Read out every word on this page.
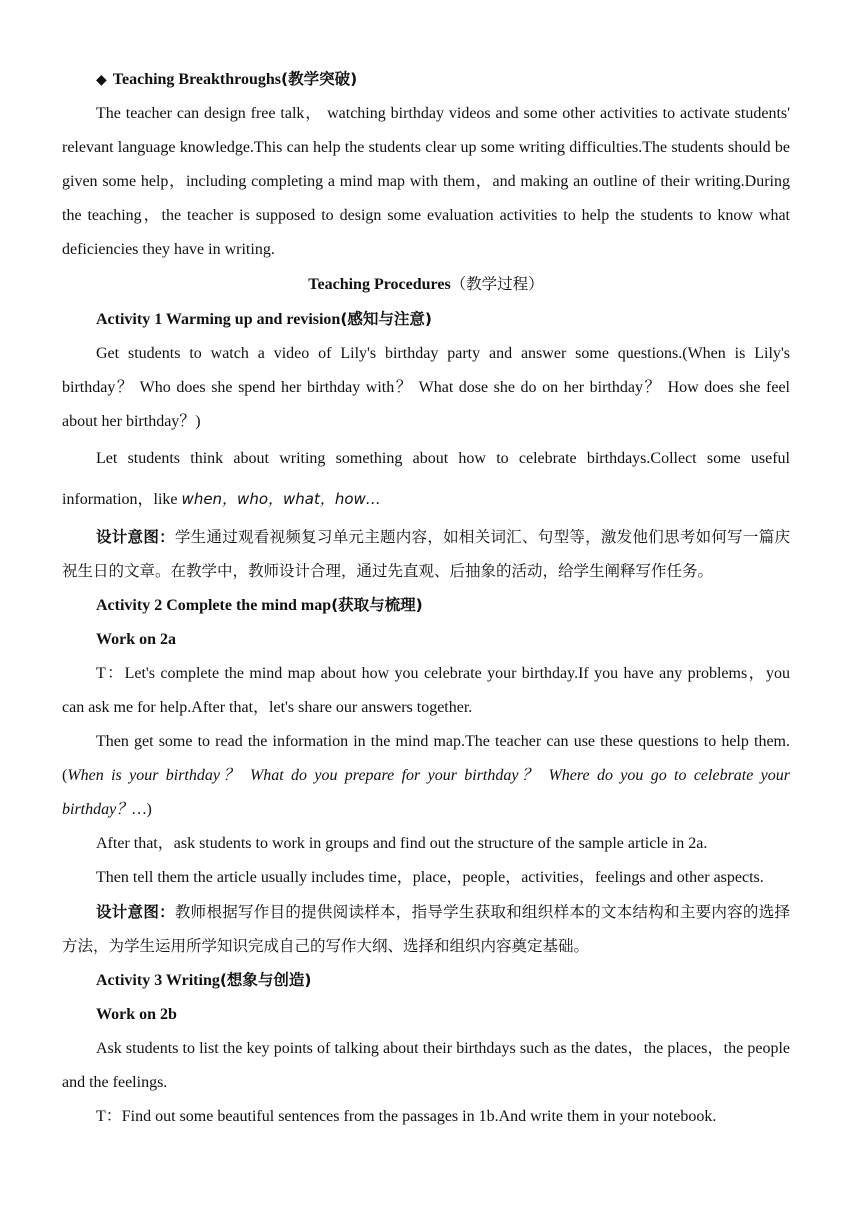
◆ Teaching Breakthroughs(教学突破)

The teacher can design free talk， watching birthday videos and some other activities to activate students' relevant language knowledge.This can help the students clear up some writing difficulties.The students should be given some help，including completing a mind map with them，and making an outline of their writing.During the teaching，the teacher is supposed to design some evaluation activities to help the students to know what deficiencies they have in writing.

Teaching Procedures（教学过程）

Activity 1 Warming up and revision(感知与注意)

Get students to watch a video of Lily's birthday party and answer some questions.(When is Lily's birthday？ Who does she spend her birthday with？ What dose she do on her birthday？ How does she feel about her birthday？)

Let students think about writing something about how to celebrate birthdays.Collect some useful information，like when，who，what，how…

设计意图：学生通过观看视频复习单元主题内容，如相关词汇、句型等，激发他们思考如何写一篇庆祝生日的文章。在教学中，教师设计合理，通过先直观、后抽象的活动，给学生阐释写作任务。

Activity 2 Complete the mind map(获取与梳理)

Work on 2a

T：Let's complete the mind map about how you celebrate your birthday.If you have any problems，you can ask me for help.After that，let's share our answers together.

Then get some to read the information in the mind map.The teacher can use these questions to help them.(When is your birthday？ What do you prepare for your birthday？ Where do you go to celebrate your birthday？…)

After that，ask students to work in groups and find out the structure of the sample article in 2a.

Then tell them the article usually includes time，place，people，activities，feelings and other aspects.

设计意图：教师根据写作目的提供阅读样本，指导学生获取和组织样本的文本结构和主要内容的选择方法，为学生运用所学知识完成自己的写作大纲、选择和组织内容奠定基础。

Activity 3 Writing(想象与创造)

Work on 2b

Ask students to list the key points of talking about their birthdays such as the dates，the places，the people and the feelings.

T：Find out some beautiful sentences from the passages in 1b.And write them in your notebook.
